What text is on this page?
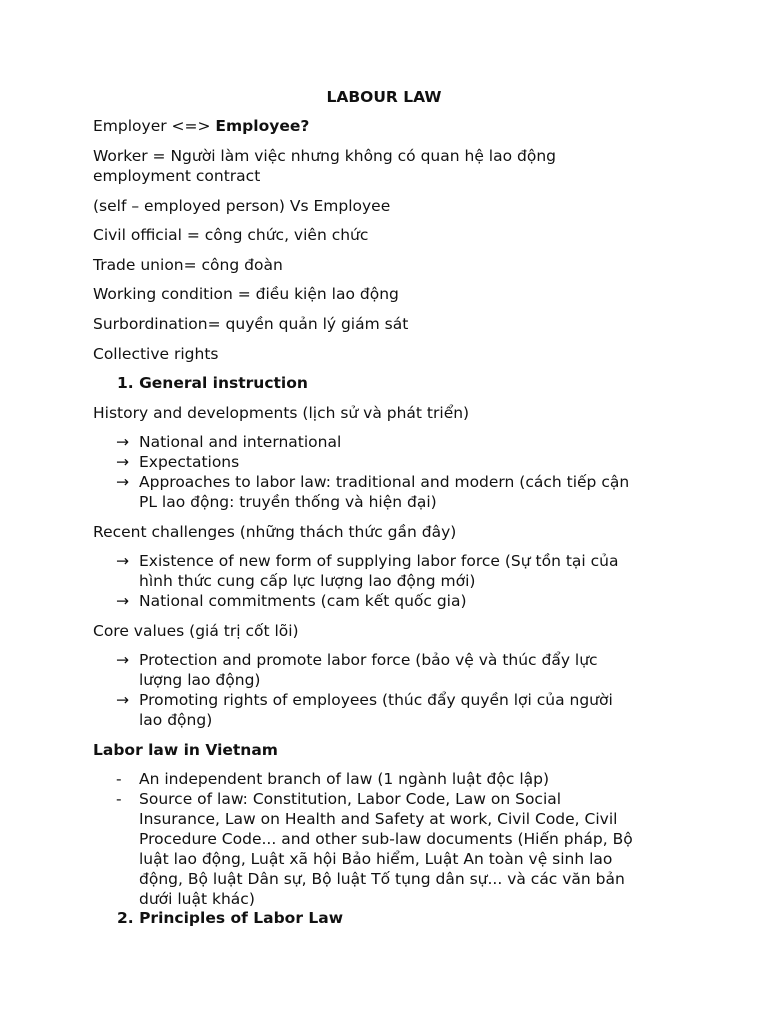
LABOUR LAW
Employer <=> Employee?
Worker = Người làm việc nhưng không có quan hệ lao động
employment contract
(self – employed person) Vs Employee
Civil official = công chức, viên chức
Trade union= công đoàn
Working condition = điều kiện lao động
Surbordination= quyền quản lý giám sát
Collective rights
1. General instruction
History and developments (lịch sử và phát triển)
→ National and international
→ Expectations
→ Approaches to labor law: traditional and modern (cách tiếp cận
PL lao động: truyền thống và hiện đại)
Recent challenges (những thách thức gần đây)
→ Existence of new form of supplying labor force (Sự tồn tại của
hình thức cung cấp lực lượng lao động mới)
→ National commitments (cam kết quốc gia)
Core values (giá trị cốt lõi)
→ Protection and promote labor force (bảo vệ và thúc đẩy lực
lượng lao động)
→ Promoting rights of employees (thúc đẩy quyền lợi của người
lao động)
Labor law in Vietnam
-	An independent branch of law (1 ngành luật độc lập)
-	Source of law: Constitution, Labor Code, Law on Social
Insurance, Law on Health and Safety at work, Civil Code, Civil
Procedure Code... and other sub-law documents (Hiến pháp, Bộ
luật lao động, Luật xã hội Bảo hiểm, Luật An toàn vệ sinh lao
động, Bộ luật Dân sự, Bộ luật Tố tụng dân sự... và các văn bản
dưới luật khác)
2. Principles of Labor Law
